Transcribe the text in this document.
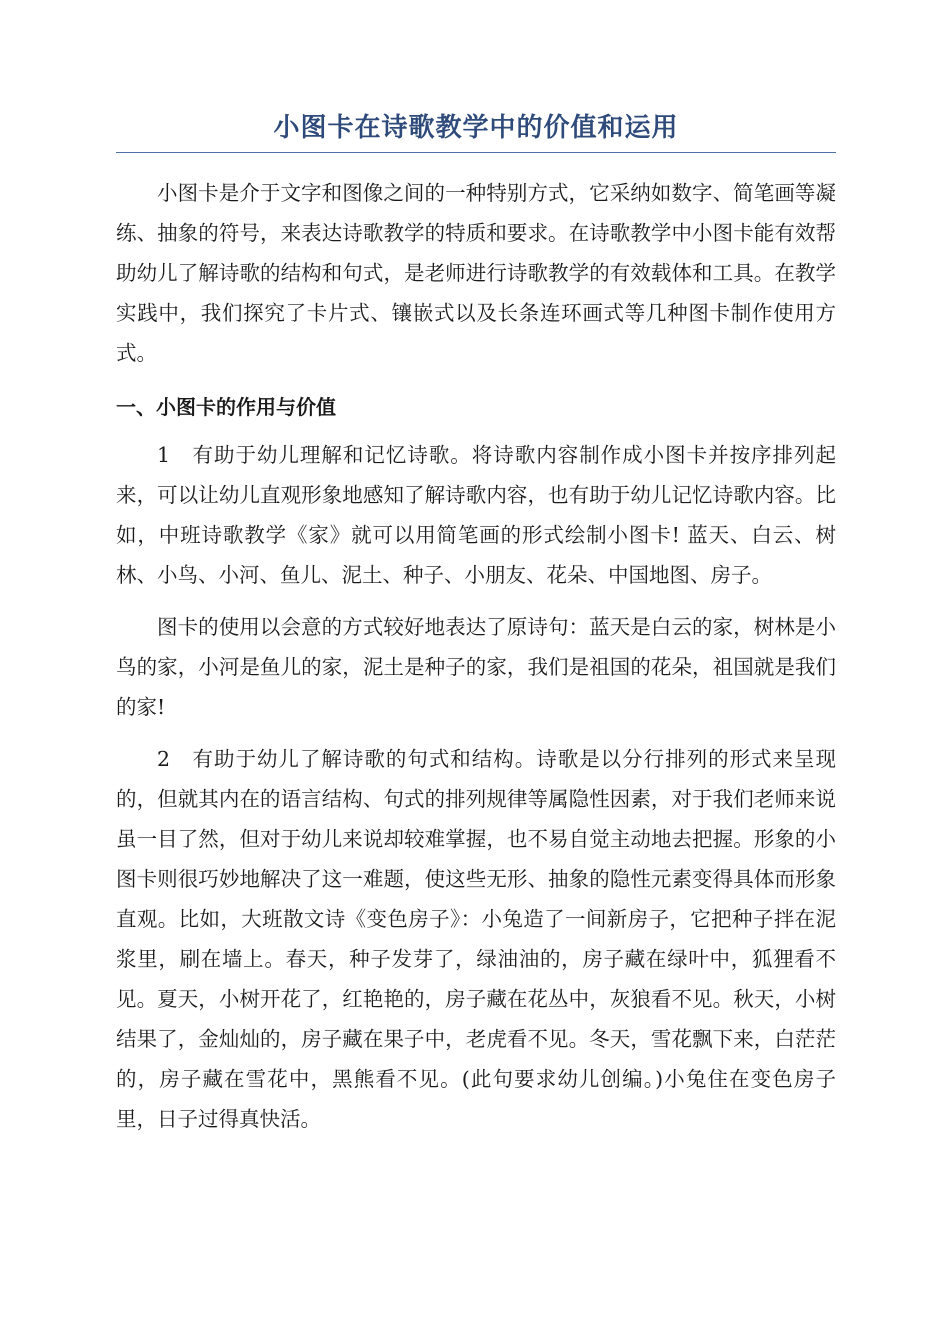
小图卡在诗歌教学中的价值和运用

小图卡是介于文字和图像之间的一种特别方式，它采纳如数字、简笔画等凝练、抽象的符号，来表达诗歌教学的特质和要求。在诗歌教学中小图卡能有效帮助幼儿了解诗歌的结构和句式，是老师进行诗歌教学的有效载体和工具。在教学实践中，我们探究了卡片式、镶嵌式以及长条连环画式等几种图卡制作使用方式。

一、小图卡的作用与价值

1　有助于幼儿理解和记忆诗歌。将诗歌内容制作成小图卡并按序排列起来，可以让幼儿直观形象地感知了解诗歌内容，也有助于幼儿记忆诗歌内容。比如，中班诗歌教学《家》就可以用简笔画的形式绘制小图卡! 蓝天、白云、树林、小鸟、小河、鱼儿、泥土、种子、小朋友、花朵、中国地图、房子。

图卡的使用以会意的方式较好地表达了原诗句：蓝天是白云的家，树林是小鸟的家，小河是鱼儿的家，泥土是种子的家，我们是祖国的花朵，祖国就是我们的家!

2　有助于幼儿了解诗歌的句式和结构。诗歌是以分行排列的形式来呈现的，但就其内在的语言结构、句式的排列规律等属隐性因素，对于我们老师来说虽一目了然，但对于幼儿来说却较难掌握，也不易自觉主动地去把握。形象的小图卡则很巧妙地解决了这一难题，使这些无形、抽象的隐性元素变得具体而形象直观。比如，大班散文诗《变色房子》：小兔造了一间新房子，它把种子拌在泥浆里，刷在墙上。春天，种子发芽了，绿油油的，房子藏在绿叶中，狐狸看不见。夏天，小树开花了，红艳艳的，房子藏在花丛中，灰狼看不见。秋天，小树结果了，金灿灿的，房子藏在果子中，老虎看不见。冬天，雪花飘下来，白茫茫的，房子藏在雪花中，黑熊看不见。(此句要求幼儿创编。)小兔住在变色房子里，日子过得真快活。
